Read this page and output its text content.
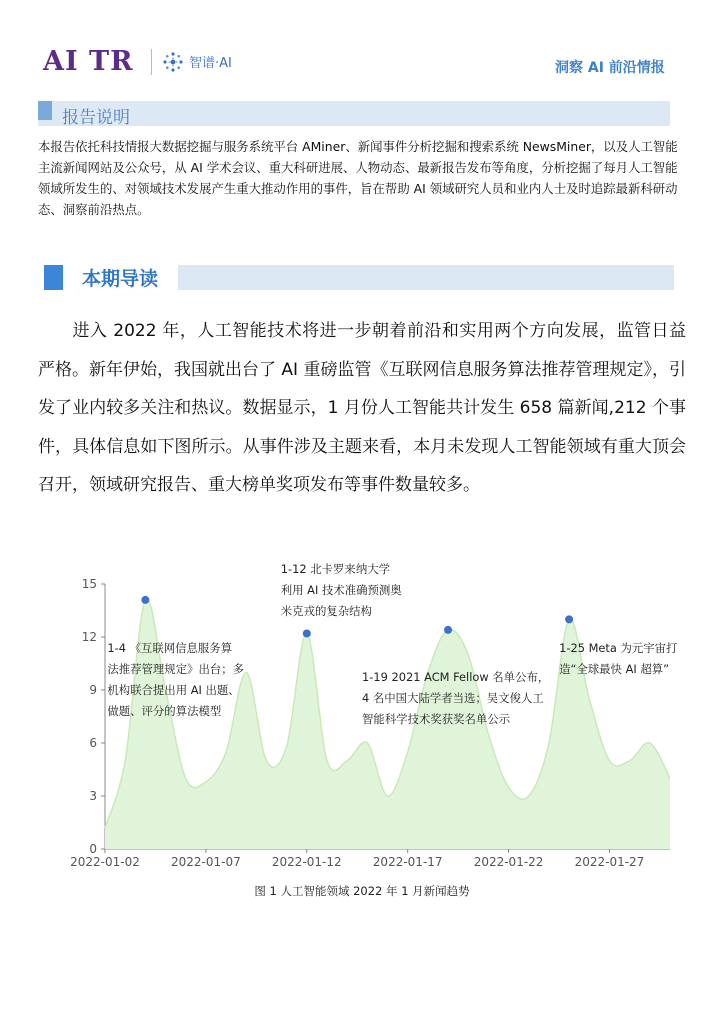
AI TR	智谱·AI	洞察 AI 前沿情报
报告说明
本报告依托科技情报大数据挖掘与服务系统平台 AMiner、新闻事件分析挖掘和搜索系统 NewsMiner，以及人工智能主流新闻网站及公众号，从 AI 学术会议、重大科研进展、人物动态、最新报告发布等角度，分析挖掘了每月人工智能领域所发生的、对领域技术发展产生重大推动作用的事件，旨在帮助 AI 领域研究人员和业内人士及时追踪最新科研动态、洞察前沿热点。
本期导读
进入 2022 年，人工智能技术将进一步朝着前沿和实用两个方向发展，监管日益严格。新年伊始，我国就出台了 AI 重磅监管《互联网信息服务算法推荐管理规定》，引发了业内较多关注和热议。数据显示，1 月份人工智能共计发生 658 篇新闻,212 个事件，具体信息如下图所示。从事件涉及主题来看，本月未发现人工智能领域有重大顶会召开，领域研究报告、重大榜单奖项发布等事件数量较多。
0
3
6
9
12
15
2022-01-02	2022-01-07	2022-01-12	2022-01-17	2022-01-22	2022-01-27
1-4 《互联网信息服务算法推荐管理规定》出台；多机构联合提出用 AI 出题、做题、评分的算法模型
1-12 北卡罗来纳大学利用 AI 技术准确预测奥米克戎的复杂结构
1-19 2021 ACM Fellow 名单公布， 4 名中国大陆学者当选；吴文俊人工智能科学技术奖获奖名单公示
1-25 Meta 为元宇宙打造“全球最快 AI 超算”
图 1 人工智能领域 2022 年 1 月新闻趋势
